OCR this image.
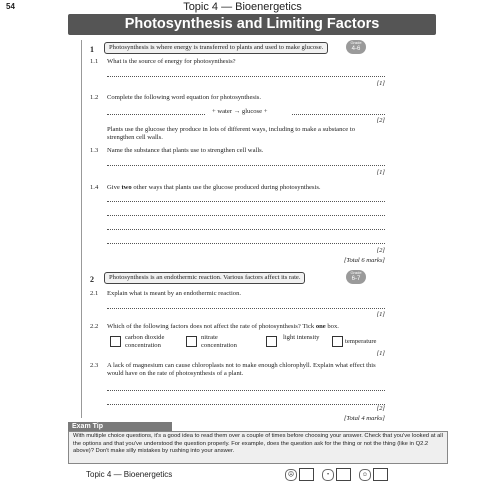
54	Topic 4 — Bioenergetics
Photosynthesis and Limiting Factors
1	Photosynthesis is where energy is transferred to plants and used to make glucose.
Grade
4-6
1.1 What is the source of energy for photosynthesis?
[1]
1.2 Complete the following word equation for photosynthesis.
+ water → glucose +
[2]
Plants use the glucose they produce in lots of different ways, including to make a substance to strengthen cell walls.
1.3 Name the substance that plants use to strengthen cell walls.
[1]
1.4 Give two other ways that plants use the glucose produced during photosynthesis.
[2]
[Total 6 marks]
2	Photosynthesis is an endothermic reaction. Various factors affect its rate.
Grade
6-7
2.1 Explain what is meant by an endothermic reaction.
[1]
2.2 Which of the following factors does not affect the rate of photosynthesis? Tick one box.
carbon dioxide concentration
nitrate concentration
light intensity
temperature
[1]
2.3 A lack of magnesium can cause chloroplasts not to make enough chlorophyll. Explain what effect this would have on the rate of photosynthesis of a plant.
[2]
[Total 4 marks]
Exam Tip
With multiple choice questions, it's a good idea to read them over a couple of times before choosing your answer. Check that you've looked at all the options and that you've understood the question properly. For example, does the question ask for the thing or not the thing (like in Q2.2 above)? Don't make silly mistakes by rushing into your answer.
Topic 4 — Bioenergetics	☹	•	☺
